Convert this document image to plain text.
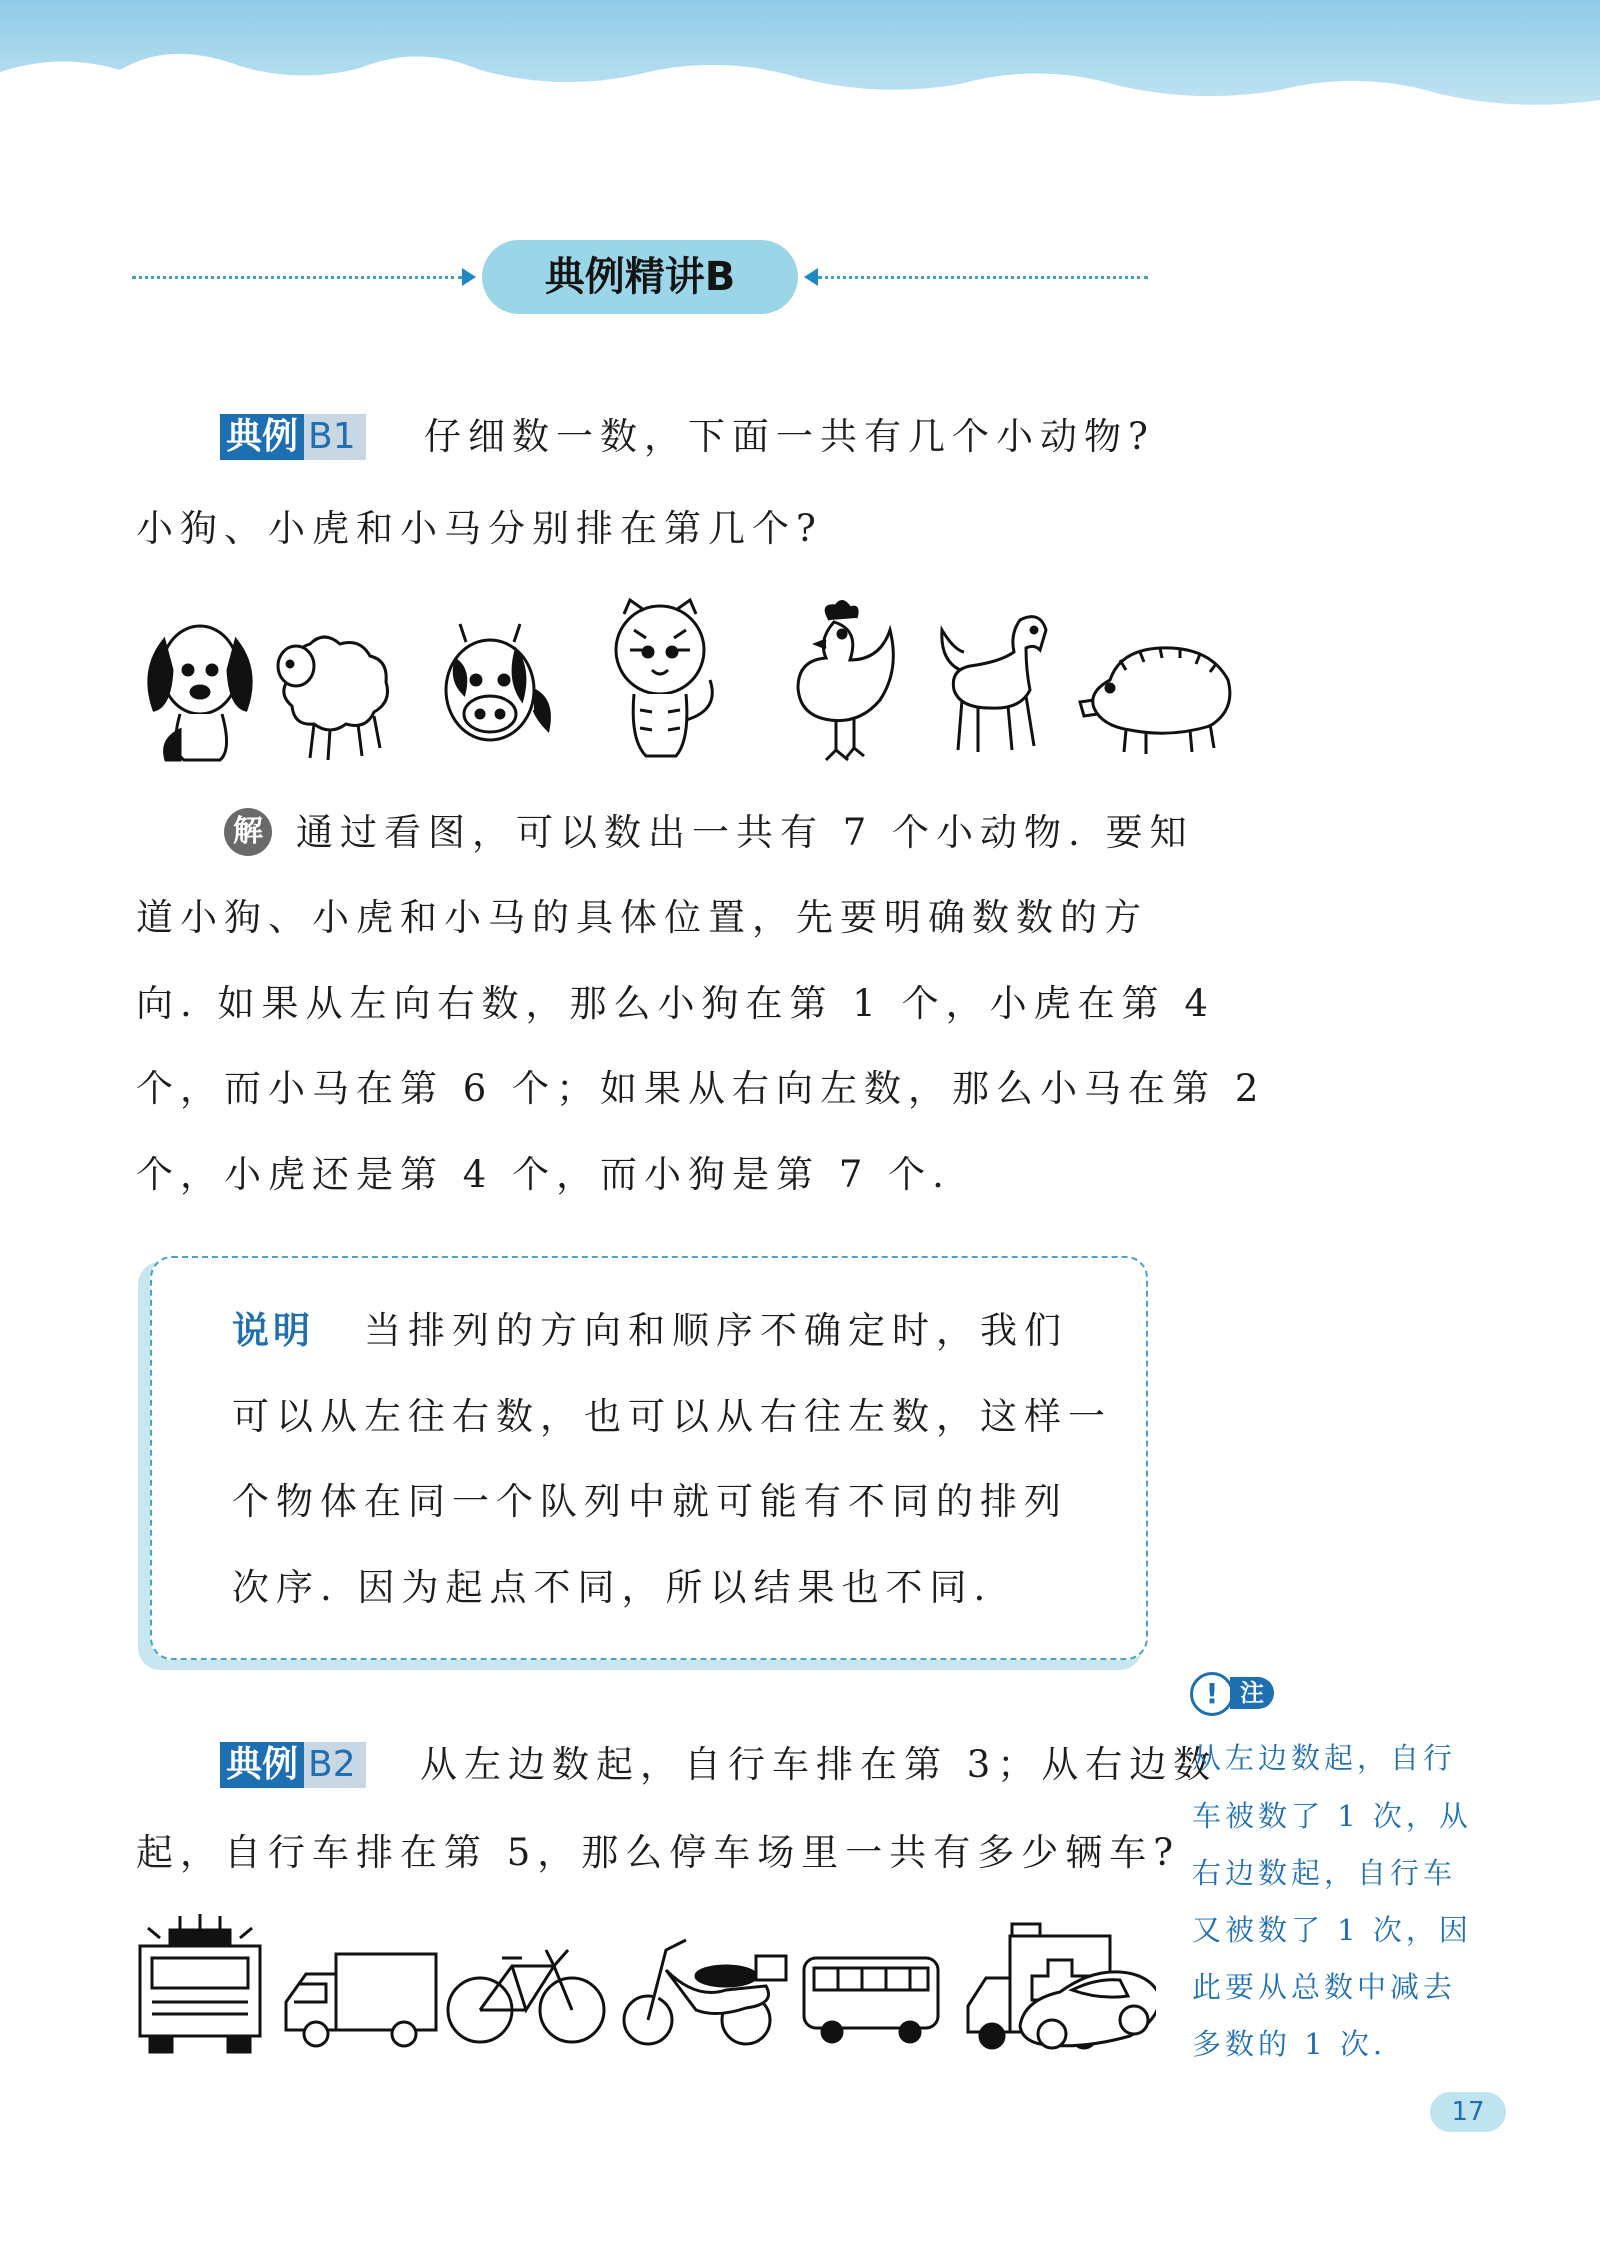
典例精讲B
典例 B1 仔细数一数，下面一共有几个小动物?
小狗、小虎和小马分别排在第几个?
解 通过看图，可以数出一共有 7 个小动物. 要知
道小狗、小虎和小马的具体位置，先要明确数数的方
向. 如果从左向右数，那么小狗在第 1 个，小虎在第 4
个，而小马在第 6 个；如果从右向左数，那么小马在第 2
个，小虎还是第 4 个，而小狗是第 7 个.
说明 当排列的方向和顺序不确定时，我们
可以从左往右数，也可以从右往左数，这样一
个物体在同一个队列中就可能有不同的排列
次序. 因为起点不同，所以结果也不同.
典例 B2 从左边数起，自行车排在第 3；从右边数
起，自行车排在第 5，那么停车场里一共有多少辆车?
! 注意
从左边数起，自行
车被数了 1 次，从
右边数起，自行车
又被数了 1 次，因
此要从总数中减去
多数的 1 次.
17
